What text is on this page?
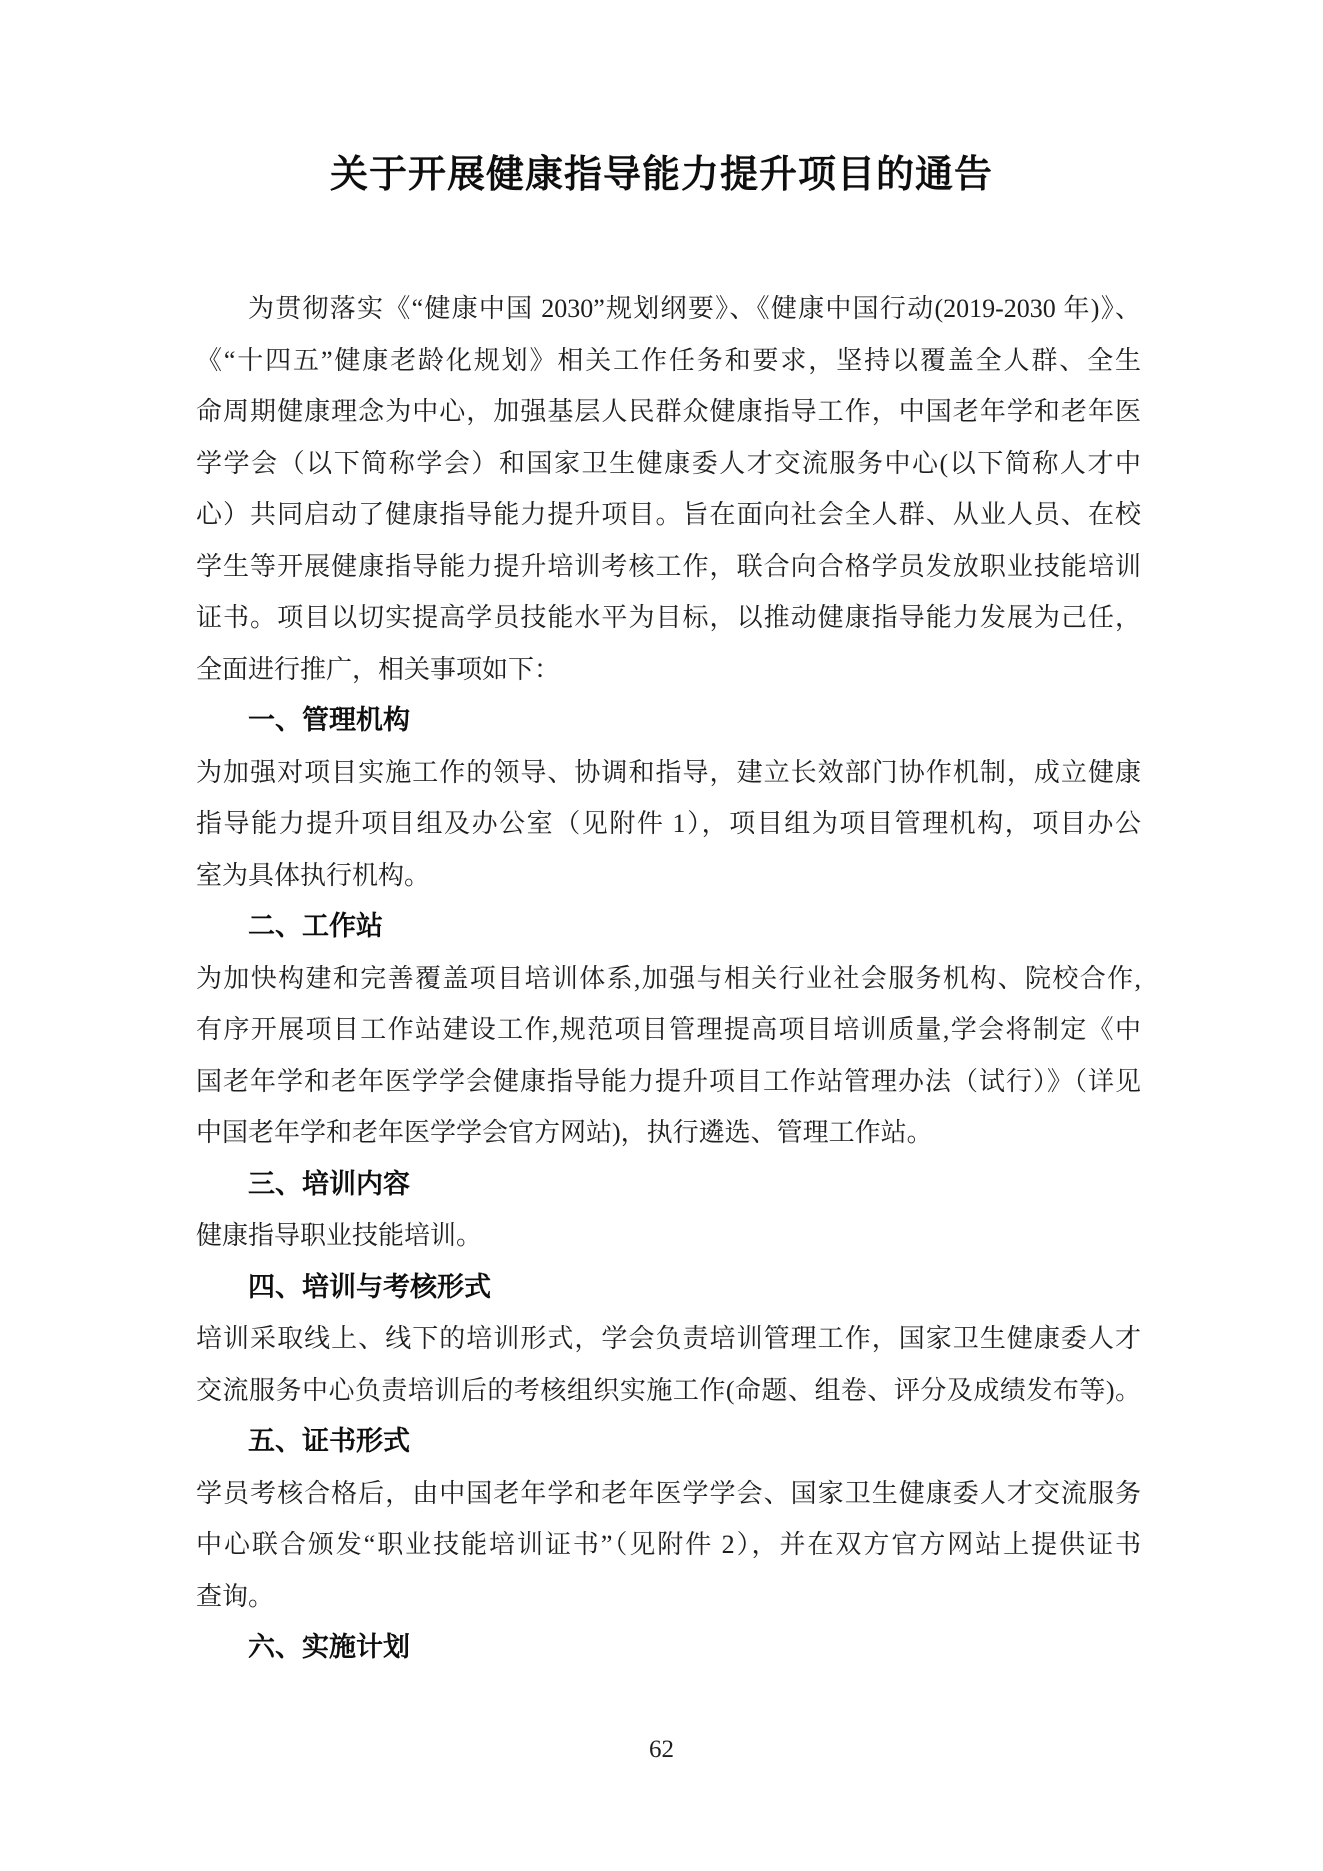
关于开展健康指导能力提升项目的通告
为贯彻落实《“健康中国 2030”规划纲要》、《健康中国行动(2019-2030 年)》、
《“十四五”健康老龄化规划》相关工作任务和要求，坚持以覆盖全人群、全生
命周期健康理念为中心，加强基层人民群众健康指导工作，中国老年学和老年医
学学会（以下简称学会）和国家卫生健康委人才交流服务中心(以下简称人才中
心）共同启动了健康指导能力提升项目。旨在面向社会全人群、从业人员、在校
学生等开展健康指导能力提升培训考核工作，联合向合格学员发放职业技能培训
证书。项目以切实提高学员技能水平为目标，以推动健康指导能力发展为己任，
全面进行推广，相关事项如下：
一、管理机构
为加强对项目实施工作的领导、协调和指导，建立长效部门协作机制，成立健康
指导能力提升项目组及办公室（见附件 1），项目组为项目管理机构，项目办公
室为具体执行机构。
二、工作站
为加快构建和完善覆盖项目培训体系,加强与相关行业社会服务机构、院校合作,
有序开展项目工作站建设工作,规范项目管理提高项目培训质量,学会将制定《中
国老年学和老年医学学会健康指导能力提升项目工作站管理办法（试行）》（详见
中国老年学和老年医学学会官方网站)，执行遴选、管理工作站。
三、培训内容
健康指导职业技能培训。
四、培训与考核形式
培训采取线上、线下的培训形式，学会负责培训管理工作，国家卫生健康委人才
交流服务中心负责培训后的考核组织实施工作(命题、组卷、评分及成绩发布等)。
五、证书形式
学员考核合格后，由中国老年学和老年医学学会、国家卫生健康委人才交流服务
中心联合颁发“职业技能培训证书”（见附件 2），并在双方官方网站上提供证书
查询。
六、实施计划
62
